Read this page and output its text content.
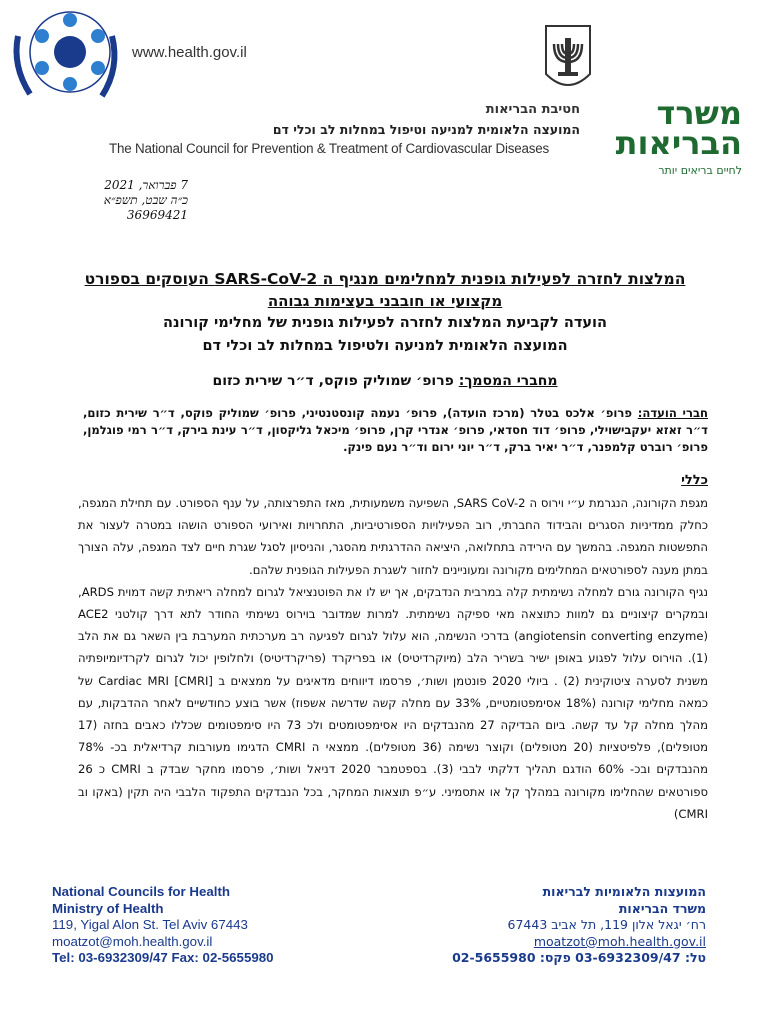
www.health.gov.il
משרד
הבריאות
לחיים בריאים יותר
חטיבת הבריאות
המועצה הלאומית למניעה וטיפול במחלות לב וכלי דם
The National Council for Prevention & Treatment of Cardiovascular Diseases
7 פברואר, 2021
כ״ה שבט, תשפ״א
36969421
המלצות לחזרה לפעילות גופנית למחלימים מנגיף ה SARS-CoV-2 העוסקים בספורט
מקצועי או חובבני בעצימות גבוהה
הועדה לקביעת המלצות לחזרה לפעילות גופנית של מחלימי קורונה
המועצה הלאומית למניעה ולטיפול במחלות לב וכלי דם
מחברי המסמך: פרופ׳ שמוליק פוקס, ד״ר שירית כזום
חברי הועדה: פרופ׳ אלכס בטלר (מרכז הועדה), פרופ׳ נעמה קונסטנטיני, פרופ׳ שמוליק פוקס, ד״ר שירית כזום, ד״ר זאזא יעקבישוילי, פרופ׳ דוד חסדאי, פרופ׳ אנדרי קרן, פרופ׳ מיכאל גליקסון, ד״ר עינת בירק, ד״ר רמי פוגלמן, פרופ׳ רוברט קלמפנר, ד״ר יאיר ברק, ד״ר יוני ירום וד״ר נעם פינק.
כללי

מגפת הקורונה, הנגרמת ע״י וירוס ה SARS CoV-2, השפיעה משמעותית, מאז התפרצותה, על ענף הספורט. עם תחילת המגפה, כחלק ממדיניות הסגרים והבידוד החברתי, רוב הפעילויות הספורטיביות, התחרויות ואירועי הספורט הושהו במטרה לעצור את התפשטות המגפה. בהמשך עם הירידה בתחלואה, היציאה ההדרגתית מהסגר, והניסיון לסגל שגרת חיים לצד המגפה, עלה הצורך במתן מענה לספורטאים המחלימים מקורונה ומעוניינים לחזור לשגרת הפעילות הגופנית שלהם.

נגיף הקורונה גורם למחלה נשימתית קלה במרבית הנדבקים, אך יש לו את הפוטנציאל לגרום למחלה ריאתית קשה דמוית ARDS, ובמקרים קיצוניים גם למוות כתוצאה מאי ספיקה נשימתית. למרות שמדובר בוירוס נשימתי החודר לתא דרך קולטני ACE2 (angiotensin converting enzyme) בדרכי הנשימה, הוא עלול לגרום לפגיעה רב מערכתית המערבת בין השאר גם את הלב (1). הוירוס עלול לפגוע באופן ישיר בשריר הלב (מיוקרדיטיס) או בפריקרד (פריקרדיטיס) ולחלופין יכול לגרום לקרדיומיופתיה משנית לסערה ציטוקינית (2) . ביולי 2020 פונטמן ושות׳, פרסמו דיווחים מדאיגים על ממצאים ב Cardiac MRI [CMRI] של כמאה מחלימי קורונה (18% אסימפטומטיים, 33% עם מחלה קשה שדרשה אשפוז) אשר בוצע כחודשיים לאחר ההדבקות, עם מהלך מחלה קל עד קשה. ביום הבדיקה 27 מהנבדקים היו אסימפטומטים ולכ 73 היו סימפטומים שכללו כאבים בחזה (17 מטופלים), פלפיטציות (20 מטופלים) וקוצר נשימה (36 מטופלים). ממצאי ה CMRI הדגימו מעורבות קרדיאלית בכ- 78% מהנבדקים ובכ- 60% הודגם תהליך דלקתי לבבי (3). בספטמבר 2020 דניאל ושות׳, פרסמו מחקר שבדק ב CMRI כ 26 ספורטאים שהחלימו מקורונה במהלך קל או אתסמיני. ע״פ תוצאות המחקר, בכל הנבדקים התפקוד הלבבי היה תקין (באקו וב CMRI)

National Councils for Health
Ministry of Health
119, Yigal Alon St. Tel Aviv 67443
moatzot@moh.health.gov.il
Tel: 03-6932309/47 Fax: 02-5655980
המועצות הלאומיות לבריאות
משרד הבריאות
רח׳ יגאל אלון 119, תל אביב 67443
moatzot@moh.health.gov.il
טל: 03-6932309/47 פקס: 02-5655980
